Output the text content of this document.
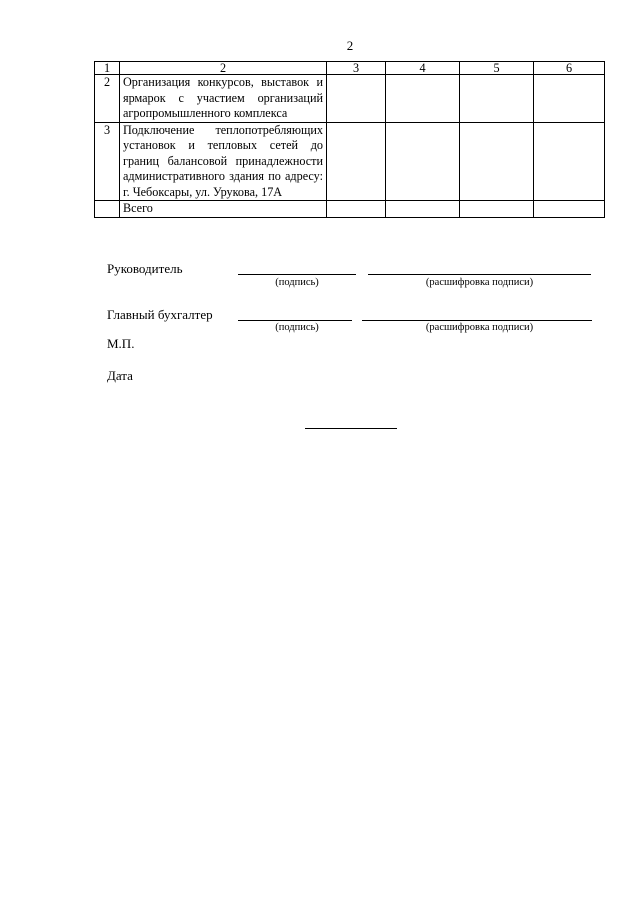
2
1	2	3	4	5	6
2	Организация конкурсов, выставок и ярмарок с участием организаций агропромышленного комплекса				
3	Подключение теплопотребляющих установок и тепловых сетей до границ балансовой принадлежности административного здания по адресу: г. Чебоксары, ул. Урукова, 17А				
	Всего				
Руководитель
(подпись)	(расшифровка подписи)
Главный бухгалтер
(подпись)	(расшифровка подписи)
М.П.
Дата
